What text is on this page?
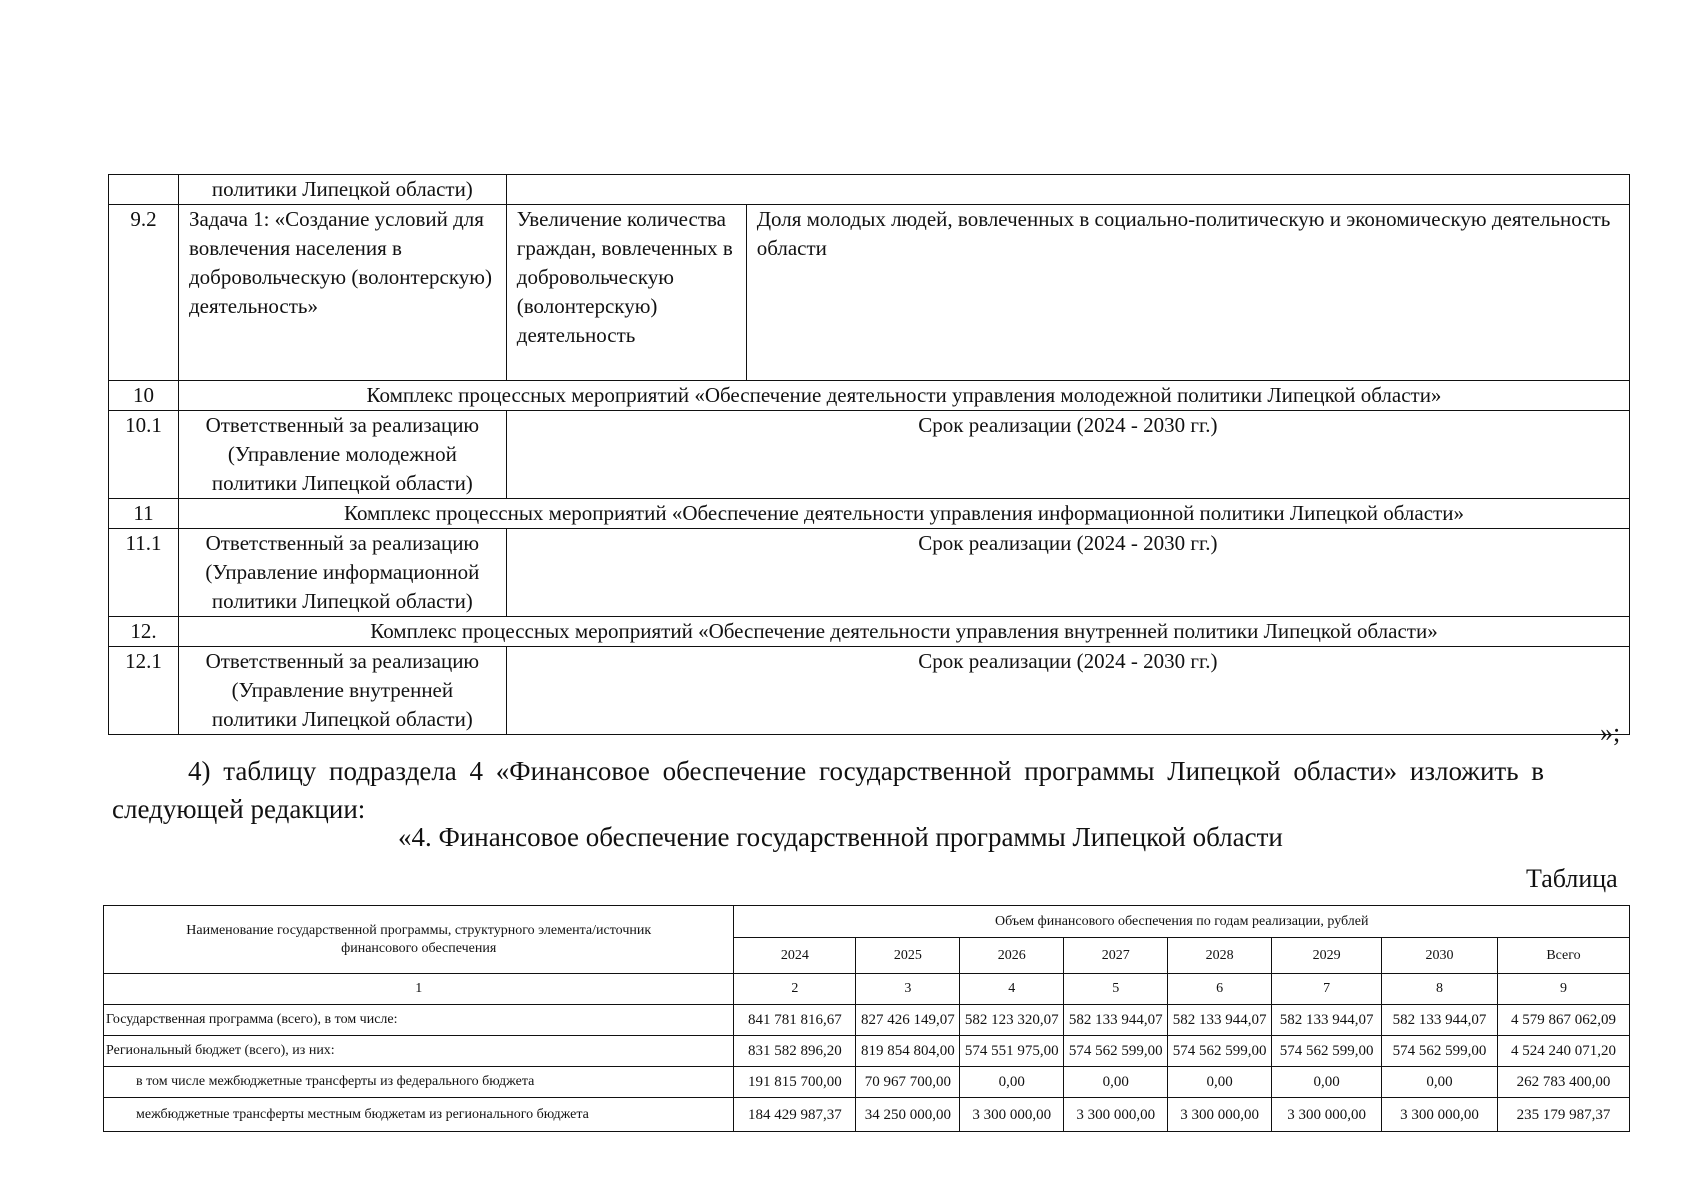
	политики Липецкой области)		
9.2	Задача 1: «Создание условий для вовлечения населения в добровольческую (волонтерскую) деятельность»	Увеличение количества граждан, вовлеченных в добровольческую (волонтерскую) деятельность	Доля молодых людей, вовлеченных в социально-политическую и экономическую деятельность области
10	Комплекс процессных мероприятий «Обеспечение деятельности управления молодежной политики Липецкой области»		
10.1	Ответственный за реализацию
(Управление молодежной
политики Липецкой области)	Срок реализации (2024 - 2030 гг.)	
11	Комплекс процессных мероприятий «Обеспечение деятельности управления информационной политики Липецкой области»		
11.1	Ответственный за реализацию
(Управление информационной
политики Липецкой области)	Срок реализации (2024 - 2030 гг.)	
12.	Комплекс процессных мероприятий «Обеспечение деятельности управления внутренней политики Липецкой области»		
12.1	Ответственный за реализацию
(Управление внутренней
политики Липецкой области)	Срок реализации (2024 - 2030 гг.)	
»;
4) таблицу подраздела 4 «Финансовое обеспечение государственной программы Липецкой области» изложить в
следующей редакции:
«4. Финансовое обеспечение государственной программы Липецкой области
Таблица
Наименование государственной программы, структурного элемента/источник финансового обеспечения	Объем финансового обеспечения по годам реализации, рублей							
	2024	2025	2026	2027	2028	2029	2030	Всего
1	2	3	4	5	6	7	8	9
Государственная программа (всего), в том числе:	841 781 816,67	827 426 149,07	582 123 320,07	582 133 944,07	582 133 944,07	582 133 944,07	582 133 944,07	4 579 867 062,09
Региональный бюджет (всего), из них:	831 582 896,20	819 854 804,00	574 551 975,00	574 562 599,00	574 562 599,00	574 562 599,00	574 562 599,00	4 524 240 071,20
в том числе межбюджетные трансферты из федерального бюджета	191 815 700,00	70 967 700,00	0,00	0,00	0,00	0,00	0,00	262 783 400,00
межбюджетные трансферты местным бюджетам из регионального бюджета	184 429 987,37	34 250 000,00	3 300 000,00	3 300 000,00	3 300 000,00	3 300 000,00	3 300 000,00	235 179 987,37
